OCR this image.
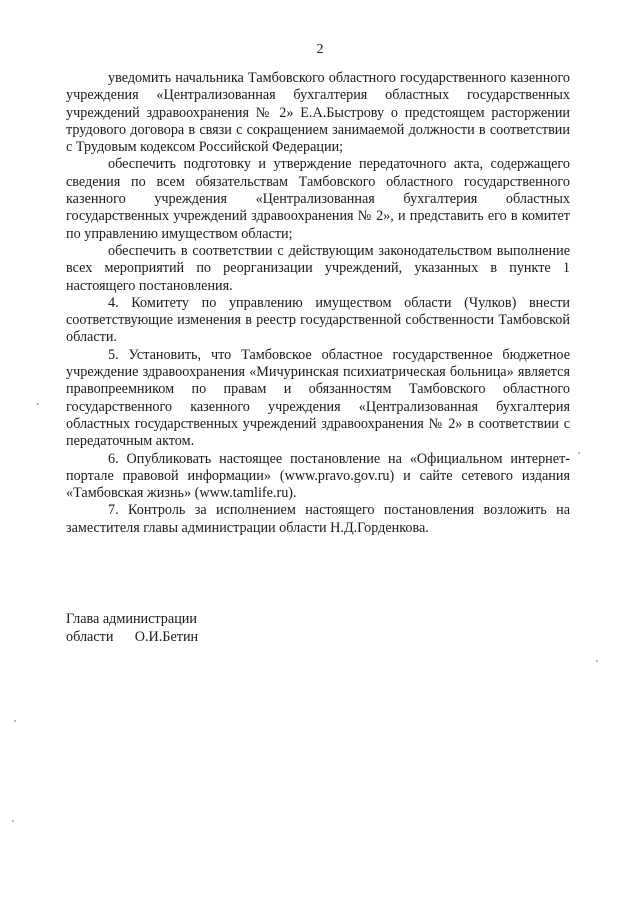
2

уведомить начальника Тамбовского областного государственного казенного учреждения «Централизованная бухгалтерия областных государственных учреждений здравоохранения № 2» Е.А.Быстрову о предстоящем расторжении трудового договора в связи с сокращением занимаемой должности в соответствии с Трудовым кодексом Российской Федерации;

обеспечить подготовку и утверждение передаточного акта, содержащего сведения по всем обязательствам Тамбовского областного государственного казенного учреждения «Централизованная бухгалтерия областных государственных учреждений здравоохранения № 2», и представить его в комитет по управлению имуществом области;

обеспечить в соответствии с действующим законодательством выполнение всех мероприятий по реорганизации учреждений, указанных в пункте 1 настоящего постановления.

4. Комитету по управлению имуществом области (Чулков) внести соответствующие изменения в реестр государственной собственности Тамбовской области.

5. Установить, что Тамбовское областное государственное бюджетное учреждение здравоохранения «Мичуринская психиатрическая больница» является правопреемником по правам и обязанностям Тамбовского областного государственного казенного учреждения «Централизованная бухгалтерия областных государственных учреждений здравоохранения № 2» в соответствии с передаточным актом.

6. Опубликовать настоящее постановление на «Официальном интернет-портале правовой информации» (www.pravo.gov.ru) и сайте сетевого издания «Тамбовская жизнь» (www.tamlife.ru).

7. Контроль за исполнением настоящего постановления возложить на заместителя главы администрации области Н.Д.Горденкова.

Глава администрации
области О.И.Бетин
